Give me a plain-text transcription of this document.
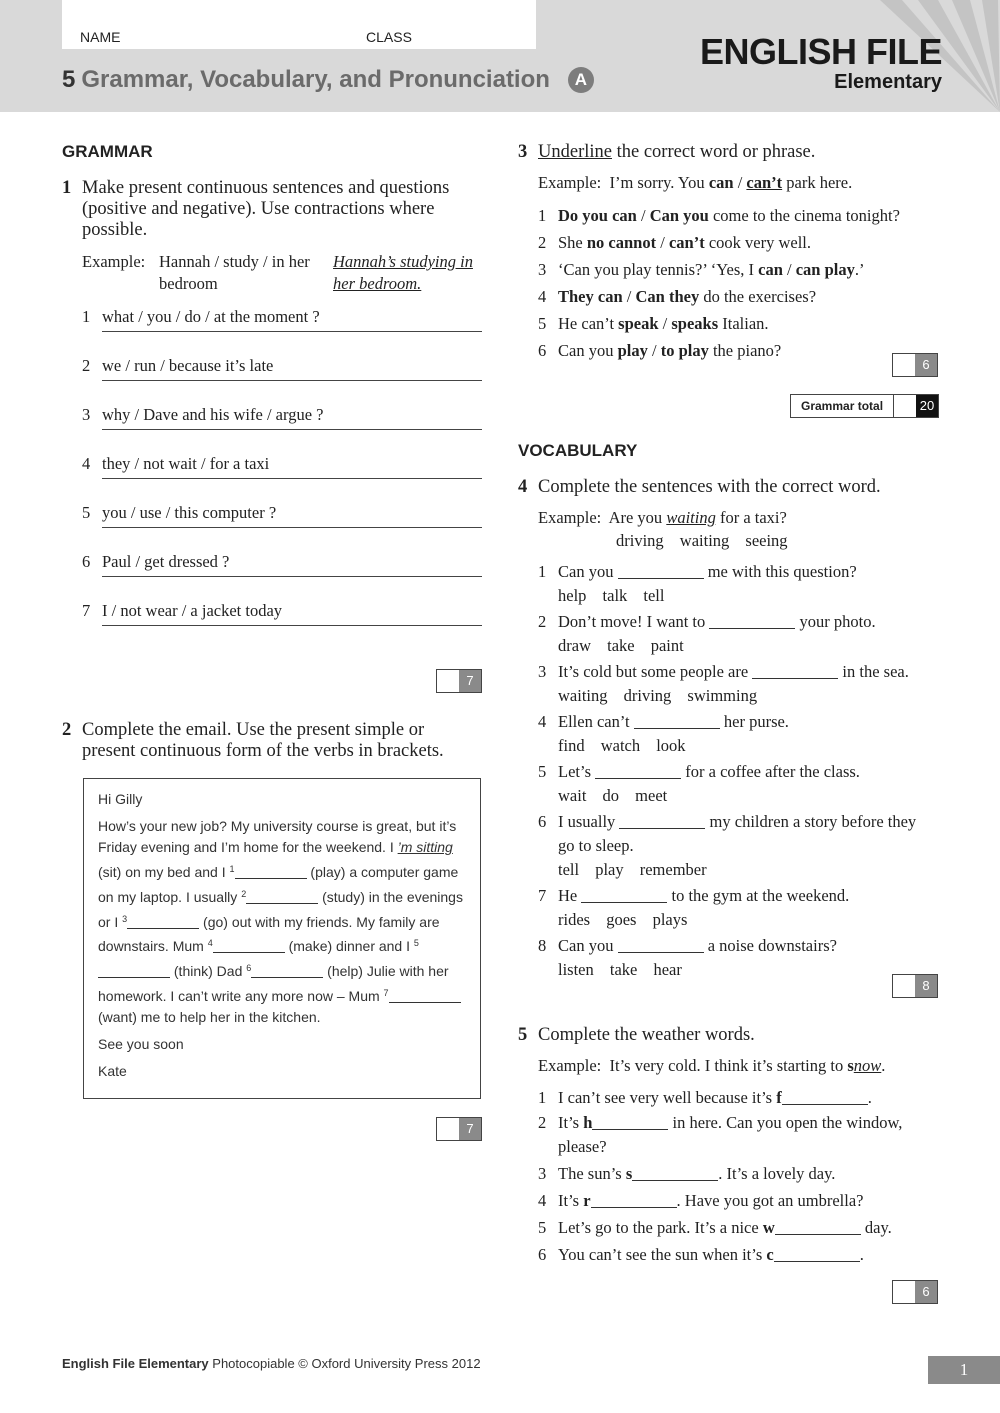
NAME	CLASS
5 Grammar, Vocabulary, and Pronunciation A
ENGLISH FILE
Elementary
GRAMMAR
1 Make present continuous sentences and questions (positive and negative). Use contractions where possible.
Example: Hannah / study / in her bedroom
Hannah’s studying in her bedroom.
1 what / you / do / at the moment ?
2 we / run / because it’s late
3 why / Dave and his wife / argue ?
4 they / not wait / for a taxi
5 you / use / this computer ?
6 Paul / get dressed ?
7 I / not wear / a jacket today
7
2 Complete the email. Use the present simple or present continuous form of the verbs in brackets.

Hi Gilly

How’s your new job? My university course is great, but it’s Friday evening and I’m home for the weekend. I ’m sitting (sit) on my bed and I $^1$	(play) a computer game on my laptop. I usually $^2$	(study) in the evenings or I $^3$	(go) out with my friends. My family are downstairs. Mum $^4$	(make) dinner and I $^5$ (think) Dad $^6$	(help) Julie with her homework. I can’t write any more now – Mum $^7$ (want) me to help her in the kitchen.

See you soon

Kate

7
3 Underline the correct word or phrase.
Example: I’m sorry. You can / can’t park here.
1 Do you can / Can you come to the cinema tonight?
2 She no cannot / can’t cook very well.
3 ‘Can you play tennis?’ ‘Yes, I can / can play.’
4 They can / Can they do the exercises?
5 He can’t speak / speaks Italian.
6 Can you play / to play the piano?
6
Grammar total	20
VOCABULARY
4 Complete the sentences with the correct word.
Example: Are you waiting for a taxi?
driving waiting seeing
1 Can you	me with this question?
help talk tell
2 Don’t move! I want to	your photo.
draw take paint
3 It’s cold but some people are	in the sea.
waiting driving swimming
4 Ellen can’t	her purse.
find watch look
5 Let’s	for a coffee after the class.
wait do meet
6 I usually	my children a story before they
go to sleep.
tell play remember
7 He	to the gym at the weekend.
rides goes plays
8 Can you	a noise downstairs?
listen take hear
8
5 Complete the weather words.
Example: It’s very cold. I think it’s starting to snow.
1 I can’t see very well because it’s f	.
2 It’s h	in here. Can you open the window,
please?
3 The sun’s s	. It’s a lovely day.
4 It’s r	. Have you got an umbrella?
5 Let’s go to the park. It’s a nice w	day.
6 You can’t see the sun when it’s c	.
6
English File Elementary Photocopiable © Oxford University Press 2012	1
